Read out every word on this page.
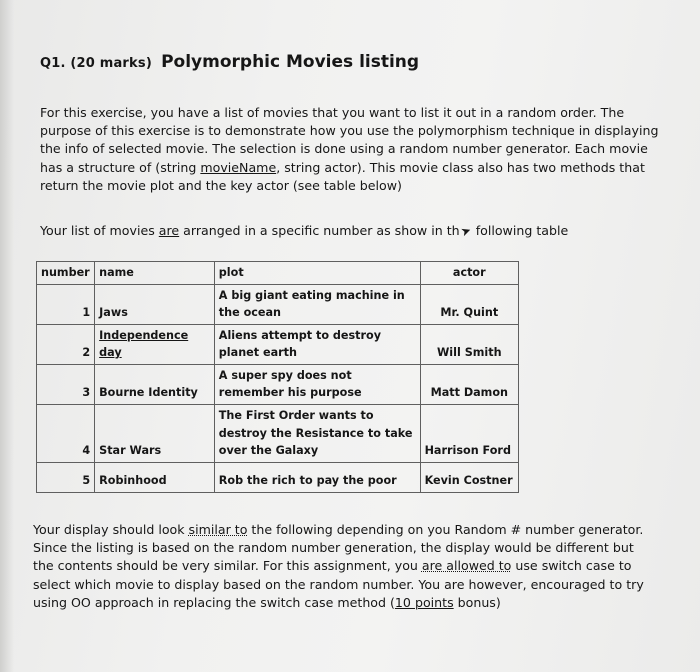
Q1. (20 marks) Polymorphic Movies listing
For this exercise, you have a list of movies that you want to list it out in a random order. The
purpose of this exercise is to demonstrate how you use the polymorphism technique in displaying
the info of selected movie. The selection is done using a random number generator. Each movie
has a structure of (string movieName, string actor). This movie class also has two methods that
return the movie plot and the key actor (see table below)
Your list of movies are arranged in a specific number as show in th➤ following table
number	name	plot	actor
1	Jaws	A big giant eating machine in the ocean	Mr. Quint
2	Independence day	Aliens attempt to destroy planet earth	Will Smith
3	Bourne Identity	A super spy does not remember his purpose	Matt Damon
4	Star Wars	The First Order wants to destroy the Resistance to take over the Galaxy	Harrison Ford
5	Robinhood	Rob the rich to pay the poor	Kevin Costner
Your display should look similar to the following depending on you Random # number generator.
Since the listing is based on the random number generation, the display would be different but
the contents should be very similar. For this assignment, you are allowed to use switch case to
select which movie to display based on the random number. You are however, encouraged to try
using OO approach in replacing the switch case method (10 points bonus)
